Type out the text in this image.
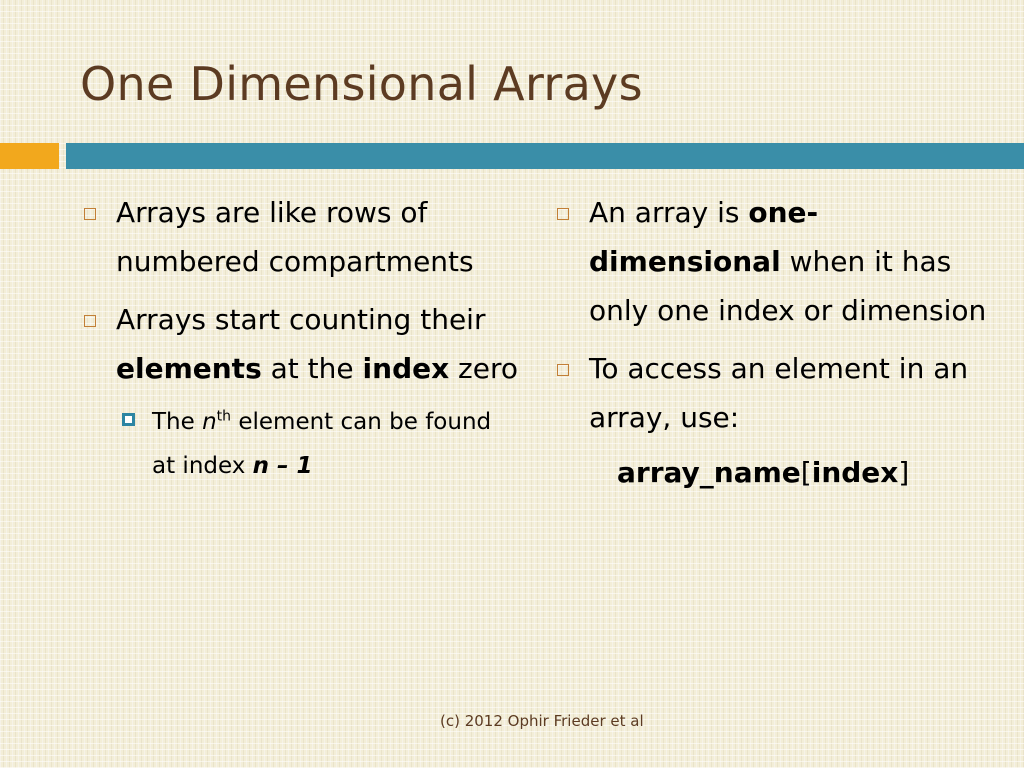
One Dimensional Arrays
Arrays are like rows of numbered compartments
Arrays start counting their elements at the index zero
The $n^{th}$ element can be found at index n – 1
An array is one-dimensional when it has only one index or dimension
To access an element in an array, use:
array_name[index]
(c) 2012 Ophir Frieder et al
